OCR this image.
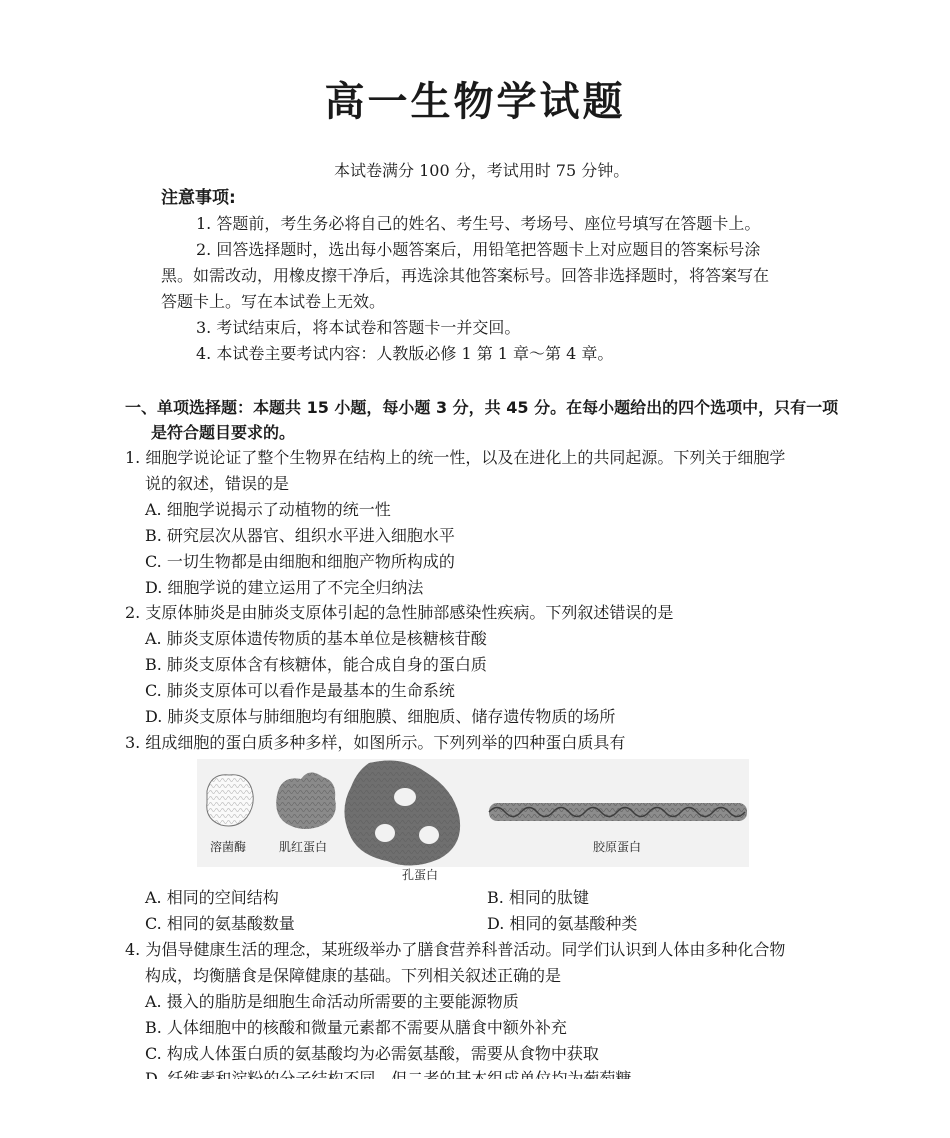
高一生物学试题
本试卷满分 100 分，考试用时 75 分钟。
注意事项:
1. 答题前，考生务必将自己的姓名、考生号、考场号、座位号填写在答题卡上。
2. 回答选择题时，选出每小题答案后，用铅笔把答题卡上对应题目的答案标号涂
黑。如需改动，用橡皮擦干净后，再选涂其他答案标号。回答非选择题时，将答案写在
答题卡上。写在本试卷上无效。
3. 考试结束后，将本试卷和答题卡一并交回。
4. 本试卷主要考试内容：人教版必修 1 第 1 章～第 4 章。
一、单项选择题：本题共 15 小题，每小题 3 分，共 45 分。在每小题给出的四个选项中，只有一项
是符合题目要求的。
1. 细胞学说论证了整个生物界在结构上的统一性，以及在进化上的共同起源。下列关于细胞学
说的叙述，错误的是
A. 细胞学说揭示了动植物的统一性
B. 研究层次从器官、组织水平进入细胞水平
C. 一切生物都是由细胞和细胞产物所构成的
D. 细胞学说的建立运用了不完全归纳法
2. 支原体肺炎是由肺炎支原体引起的急性肺部感染性疾病。下列叙述错误的是
A. 肺炎支原体遗传物质的基本单位是核糖核苷酸
B. 肺炎支原体含有核糖体，能合成自身的蛋白质
C. 肺炎支原体可以看作是最基本的生命系统
D. 肺炎支原体与肺细胞均有细胞膜、细胞质、储存遗传物质的场所
3. 组成细胞的蛋白质多种多样，如图所示。下列列举的四种蛋白质具有
溶菌酶	肌红蛋白	胶原蛋白
孔蛋白
A. 相同的空间结构	B. 相同的肽键
C. 相同的氨基酸数量	D. 相同的氨基酸种类
4. 为倡导健康生活的理念，某班级举办了膳食营养科普活动。同学们认识到人体由多种化合物
构成，均衡膳食是保障健康的基础。下列相关叙述正确的是
A. 摄入的脂肪是细胞生命活动所需要的主要能源物质
B. 人体细胞中的核酸和微量元素都不需要从膳食中额外补充
C. 构成人体蛋白质的氨基酸均为必需氨基酸，需要从食物中获取
